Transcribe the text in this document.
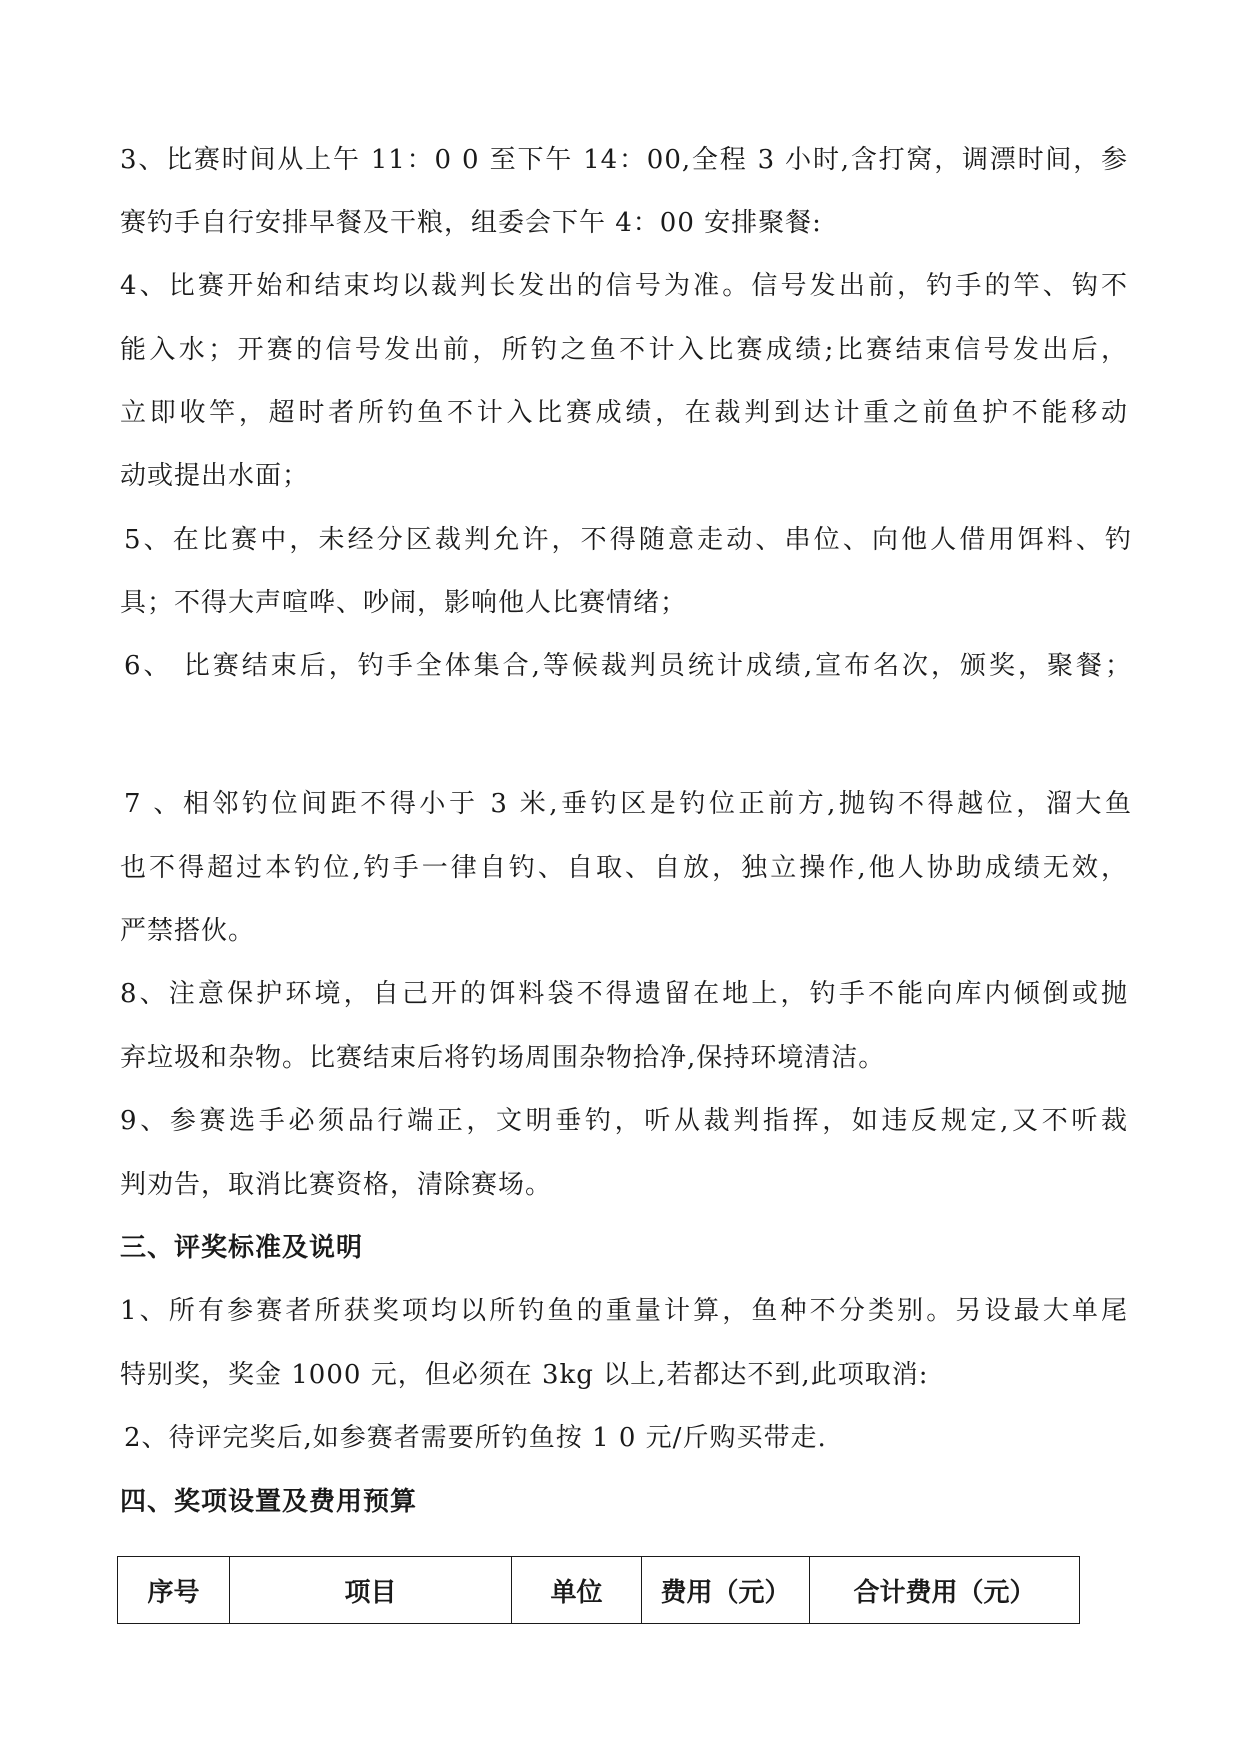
3、比赛时间从上午 11：0 0 至下午 14：00,全程 3 小时,含打窝，调漂时间，参
赛钓手自行安排早餐及干粮，组委会下午 4：00 安排聚餐:
4、比赛开始和结束均以裁判长发出的信号为准。信号发出前，钓手的竿、钩不
能入水；开赛的信号发出前，所钓之鱼不计入比赛成绩;比赛结束信号发出后，
立即收竿，超时者所钓鱼不计入比赛成绩，在裁判到达计重之前鱼护不能移动
动或提出水面；
5、在比赛中，未经分区裁判允许，不得随意走动、串位、向他人借用饵料、钓
具；不得大声喧哗、吵闹，影响他人比赛情绪；
6、 比赛结束后，钓手全体集合,等候裁判员统计成绩,宣布名次，颁奖，聚餐；
7 、相邻钓位间距不得小于 3 米,垂钓区是钓位正前方,抛钩不得越位，溜大鱼
也不得超过本钓位,钓手一律自钓、自取、自放，独立操作,他人协助成绩无效，
严禁搭伙。
8、注意保护环境，自己开的饵料袋不得遗留在地上，钓手不能向库内倾倒或抛
弃垃圾和杂物。比赛结束后将钓场周围杂物拾净,保持环境清洁。
9、参赛选手必须品行端正，文明垂钓，听从裁判指挥，如违反规定,又不听裁
判劝告，取消比赛资格，清除赛场。
三、评奖标准及说明
1、所有参赛者所获奖项均以所钓鱼的重量计算，鱼种不分类别。另设最大单尾
特别奖，奖金 1000 元，但必须在 3kg 以上,若都达不到,此项取消:
2、待评完奖后,如参赛者需要所钓鱼按 1 0 元/斤购买带走.
四、奖项设置及费用预算
序号	项目	单位	费用（元）	合计费用（元）
